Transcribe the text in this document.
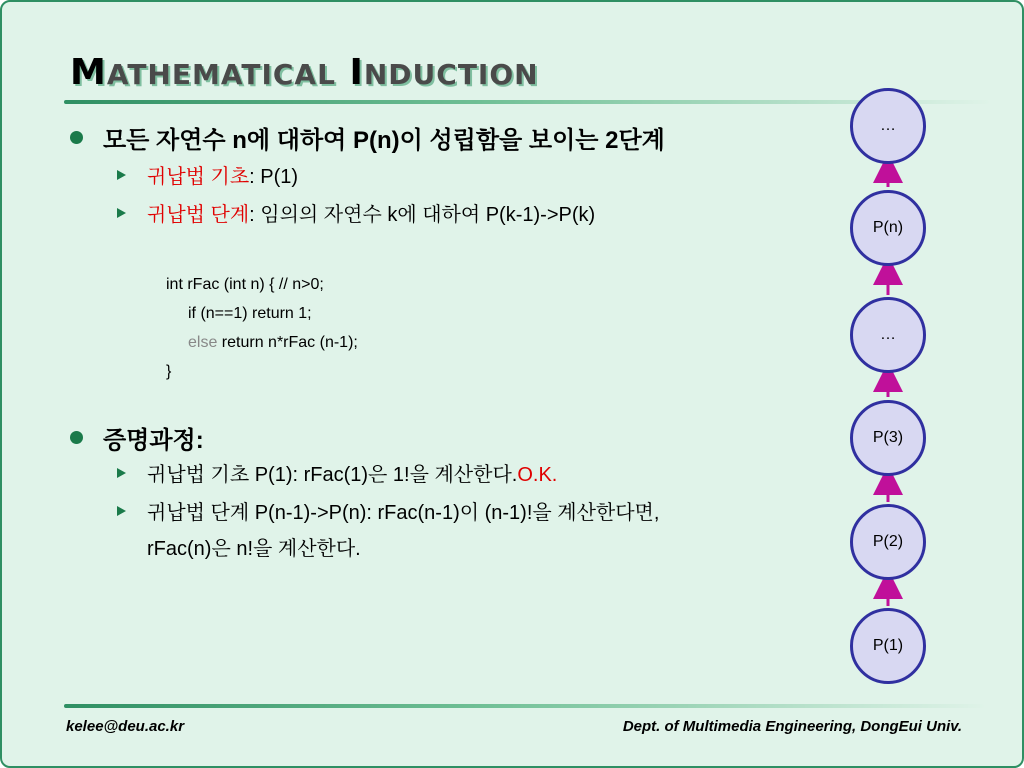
MATHEMATICAL INDUCTION
모든 자연수 n에 대하여 P(n)이 성립함을 보이는 2단계
귀납법 기초 : P(1)
귀납법 단계 : 임의의 자연수 k에 대하여 P(k-1)->P(k)
int rFac (int n) { // n>0;
if (n==1) return 1;
else return n*rFac (n-1);
}
증명과정:
귀납법 기초 P(1): rFac(1)은 1!을 계산한다. O.K.
귀납법 단계 P(n-1)->P(n): rFac(n-1)이 (n-1)!을 계산한다면,
rFac(n)은 n!을 계산한다.
…
P(n)
…
P(3)
P(2)
P(1)
kelee@deu.ac.kr	Dept. of Multimedia Engineering, DongEui Univ.
